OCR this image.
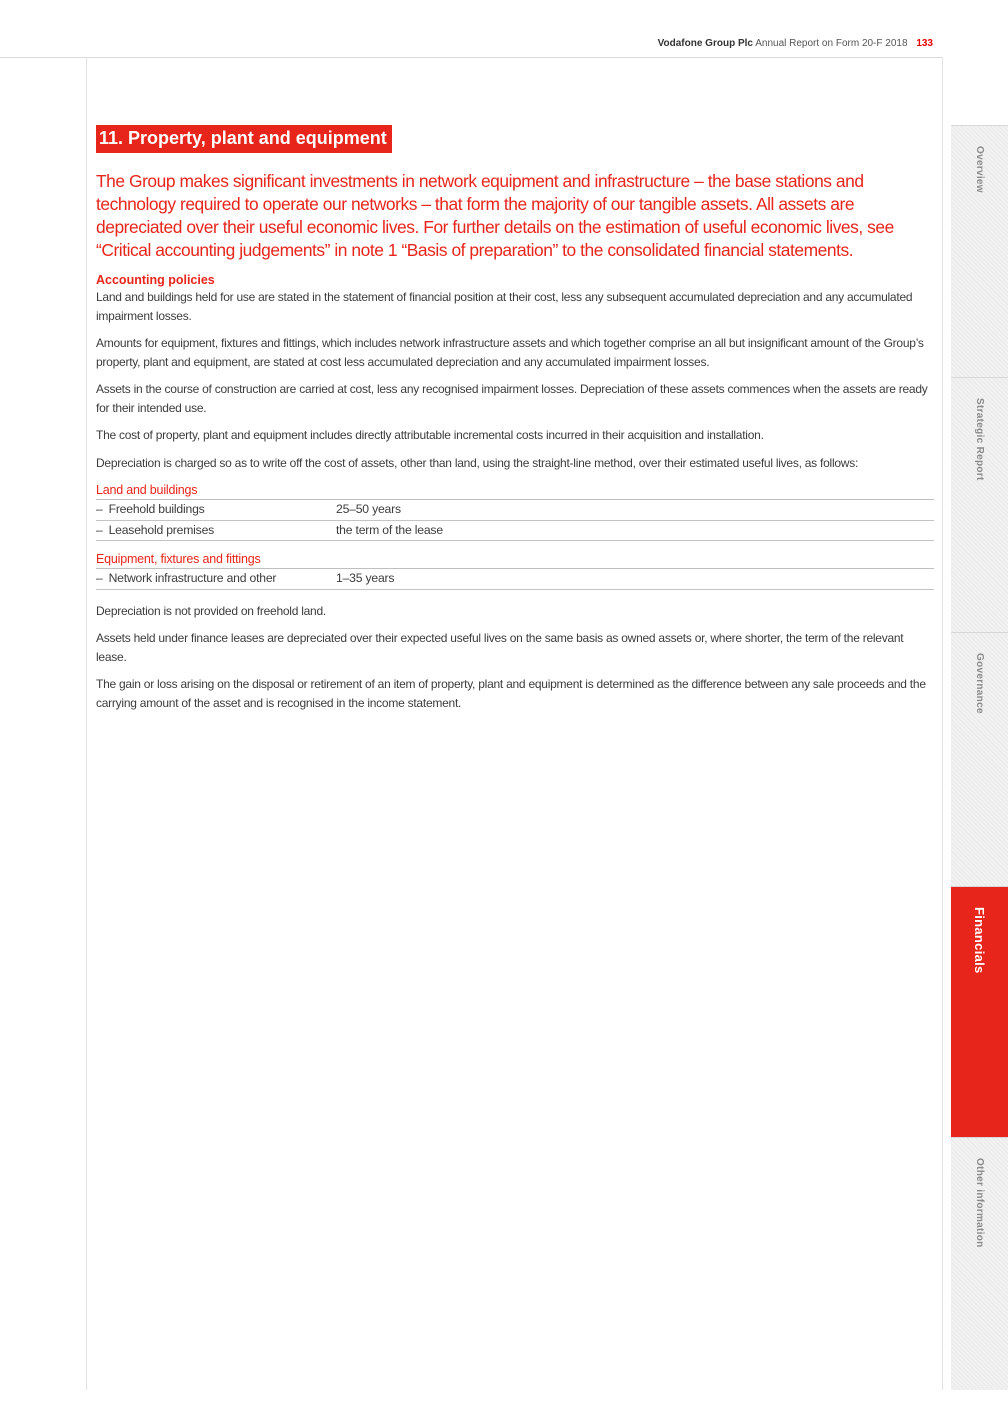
Vodafone Group Plc Annual Report on Form 20-F 2018 133
Overview
Strategic Report
Governance
Financials
Other information
11. Property, plant and equipment

The Group makes significant investments in network equipment and infrastructure – the base stations and technology required to operate our networks – that form the majority of our tangible assets. All assets are depreciated over their useful economic lives. For further details on the estimation of useful economic lives, see “Critical accounting judgements” in note 1 “Basis of preparation” to the consolidated financial statements.

Accounting policies

Land and buildings held for use are stated in the statement of financial position at their cost, less any subsequent accumulated depreciation and any accumulated impairment losses.

Amounts for equipment, fixtures and fittings, which includes network infrastructure assets and which together comprise an all but insignificant amount of the Group’s property, plant and equipment, are stated at cost less accumulated depreciation and any accumulated impairment losses.

Assets in the course of construction are carried at cost, less any recognised impairment losses. Depreciation of these assets commences when the assets are ready for their intended use.

The cost of property, plant and equipment includes directly attributable incremental costs incurred in their acquisition and installation.

Depreciation is charged so as to write off the cost of assets, other than land, using the straight-line method, over their estimated useful lives, as follows:

Land and buildings
– Freehold buildings	25–50 years
– Leasehold premises	the term of the lease
Equipment, fixtures and fittings
– Network infrastructure and other	1–35 years

Depreciation is not provided on freehold land.

Assets held under finance leases are depreciated over their expected useful lives on the same basis as owned assets or, where shorter, the term of the relevant lease.

The gain or loss arising on the disposal or retirement of an item of property, plant and equipment is determined as the difference between any sale proceeds and the carrying amount of the asset and is recognised in the income statement.
